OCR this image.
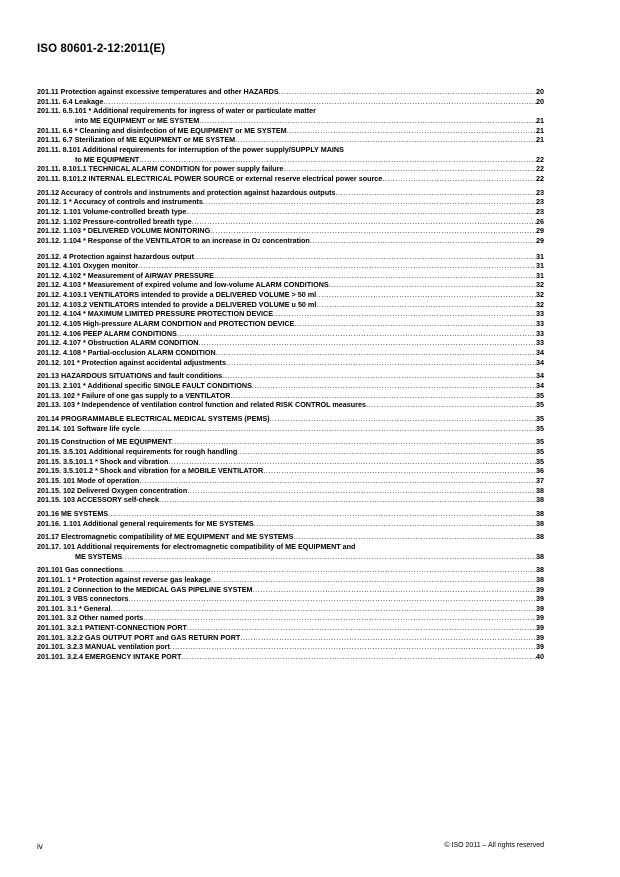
ISO 80601-2-12:2011(E)
201.11 Protection against excessive temperatures and other HAZARDS .....	20
201.11. 6.4 Leakage .....	20
201.11. 6.5.101 * Additional requirements for ingress of water or particulate matter
into ME EQUIPMENT or ME SYSTEM .....	21
201.11. 6.6 * Cleaning and disinfection of ME EQUIPMENT or ME SYSTEM .....	21
201.11. 6.7 Sterilization of ME EQUIPMENT or ME SYSTEM .....	21
201.11. 8.101 Additional requirements for interruption of the power supply/SUPPLY MAINS
to ME EQUIPMENT .....	22
201.11. 8.101.1 TECHNICAL ALARM CONDITION for power supply failure .....	22
201.11. 8.101.2 INTERNAL ELECTRICAL POWER SOURCE or external reserve electrical power source .....	22
201.12 Accuracy of controls and instruments and protection against hazardous outputs .....	23
201.12. 1 * Accuracy of controls and instruments .....	23
201.12. 1.101 Volume-controlled breath type .....	23
201.12. 1.102 Pressure-controlled breath type .....	26
201.12. 1.103 * DELIVERED VOLUME MONITORING .....	29
201.12. 1.104 * Response of the VENTILATOR to an increase in $O_2$ concentration .....	29
201.12. 4 Protection against hazardous output .....	31
201.12. 4.101 Oxygen monitor .....	31
201.12. 4.102 * Measurement of AIRWAY PRESSURE .....	31
201.12. 4.103 * Measurement of expired volume and low-volume ALARM CONDITIONS .....	32
201.12. 4.103.1 VENTILATORS intended to provide a DELIVERED VOLUME > 50 ml .....	32
201.12. 4.103.2 VENTILATORS intended to provide a DELIVERED VOLUME u 50 ml .....	32
201.12. 4.104 * MAXIMUM LIMITED PRESSURE PROTECTION DEVICE .....	33
201.12. 4.105 High-pressure ALARM CONDITION and PROTECTION DEVICE .....	33
201.12. 4.106 PEEP ALARM CONDITIONS .....	33
201.12. 4.107 * Obstruction ALARM CONDITION .....	33
201.12. 4.108 * Partial-occlusion ALARM CONDITION .....	34
201.12. 101 * Protection against accidental adjustments .....	34
201.13 HAZARDOUS SITUATIONS and fault conditions .....	34
201.13. 2.101 * Additional specific SINGLE FAULT CONDITIONS .....	34
201.13. 102 * Failure of one gas supply to a VENTILATOR .....	35
201.13. 103 * Independence of ventilation control function and related RISK CONTROL measures .....	35
201.14 PROGRAMMABLE ELECTRICAL MEDICAL SYSTEMS (PEMS) .....	35
201.14. 101 Software life cycle .....	35
201.15 Construction of ME EQUIPMENT .....	35
201.15. 3.5.101 Additional requirements for rough handling .....	35
201.15. 3.5.101.1 * Shock and vibration .....	35
201.15. 3.5.101.2 * Shock and vibration for a MOBILE VENTILATOR .....	36
201.15. 101 Mode of operation .....	37
201.15. 102 Delivered Oxygen concentration .....	38
201.15. 103 ACCESSORY self-check .....	38
201.16 ME SYSTEMS .....	38
201.16. 1.101 Additional general requirements for ME SYSTEMS .....	38
201.17 Electromagnetic compatibility of ME EQUIPMENT and ME SYSTEMS .....	38
201.17. 101 Additional requirements for electromagnetic compatibility of ME EQUIPMENT and
ME SYSTEMS .....	38
201.101 Gas connections .....	38
201.101. 1 * Protection against reverse gas leakage .....	38
201.101. 2 Connection to the MEDICAL GAS PIPELINE SYSTEM .....	39
201.101. 3 VBS connectors .....	39
201.101. 3.1 * General .....	39
201.101. 3.2 Other named ports .....	39
201.101. 3.2.1 PATIENT-CONNECTION PORT .....	39
201.101. 3.2.2 GAS OUTPUT PORT and GAS RETURN PORT .....	39
201.101. 3.2.3 MANUAL ventilation port .....	39
201.101. 3.2.4 EMERGENCY INTAKE PORT .....	40
iv	© ISO 2011 – All rights reserved
